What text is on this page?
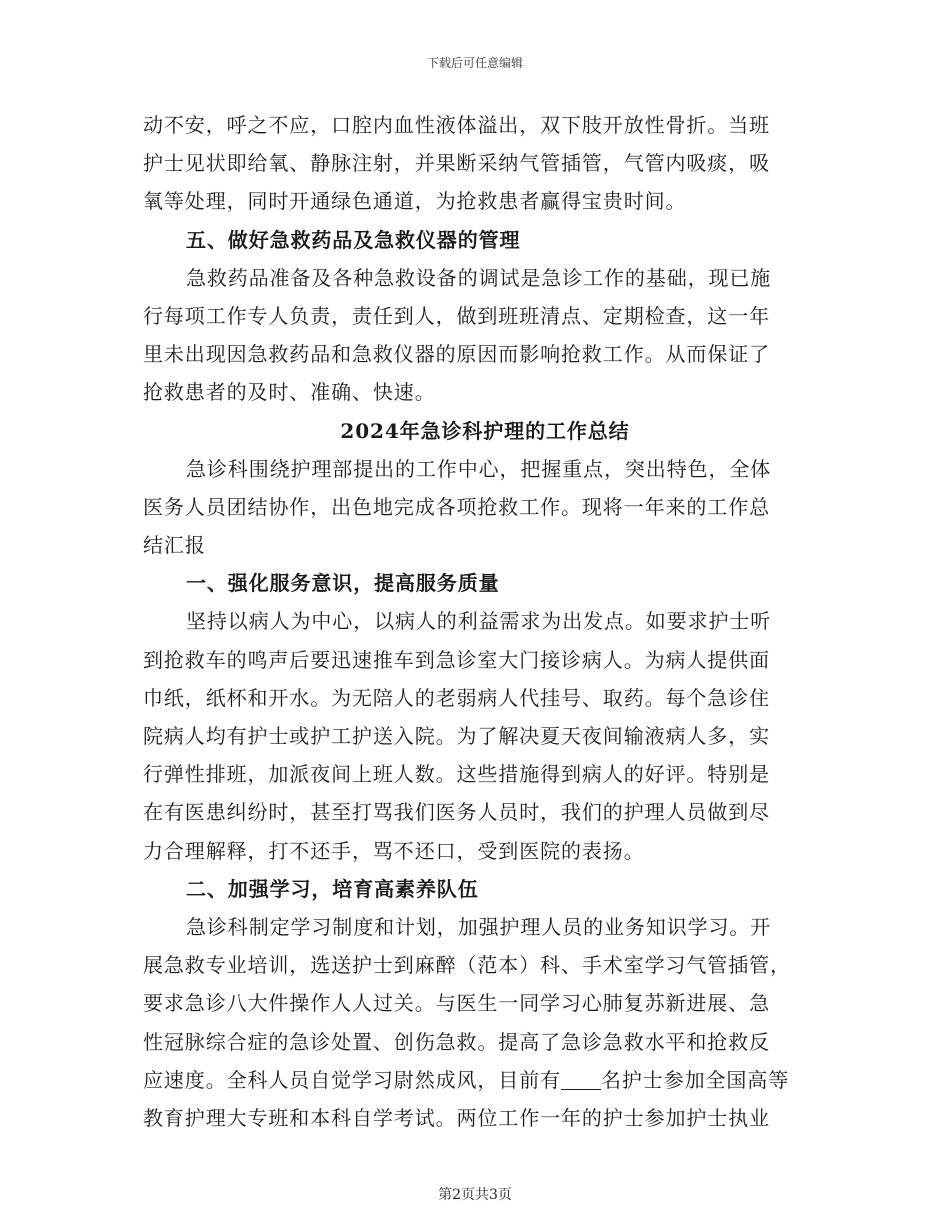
下载后可任意编辑
动不安，呼之不应，口腔内血性液体溢出，双下肢开放性骨折。当班
护士见状即给氧、静脉注射，并果断采纳气管插管，气管内吸痰，吸
氧等处理，同时开通绿色通道，为抢救患者赢得宝贵时间。
五、做好急救药品及急救仪器的管理
急救药品准备及各种急救设备的调试是急诊工作的基础，现已施
行每项工作专人负责，责任到人，做到班班清点、定期检查，这一年
里未出现因急救药品和急救仪器的原因而影响抢救工作。从而保证了
抢救患者的及时、准确、快速。
2024年急诊科护理的工作总结
急诊科围绕护理部提出的工作中心，把握重点，突出特色，全体
医务人员团结协作，出色地完成各项抢救工作。现将一年来的工作总
结汇报
一、强化服务意识，提高服务质量
坚持以病人为中心，以病人的利益需求为出发点。如要求护士听
到抢救车的鸣声后要迅速推车到急诊室大门接诊病人。为病人提供面
巾纸，纸杯和开水。为无陪人的老弱病人代挂号、取药。每个急诊住
院病人均有护士或护工护送入院。为了解决夏天夜间输液病人多，实
行弹性排班，加派夜间上班人数。这些措施得到病人的好评。特别是
在有医患纠纷时，甚至打骂我们医务人员时，我们的护理人员做到尽
力合理解释，打不还手，骂不还口，受到医院的表扬。
二、加强学习，培育高素养队伍
急诊科制定学习制度和计划，加强护理人员的业务知识学习。开
展急救专业培训，选送护士到麻醉（范本）科、手术室学习气管插管，
要求急诊八大件操作人人过关。与医生一同学习心肺复苏新进展、急
性冠脉综合症的急诊处置、创伤急救。提高了急诊急救水平和抢救反
应速度。全科人员自觉学习尉然成风，目前有 名护士参加全国高等
教育护理大专班和本科自学考试。两位工作一年的护士参加护士执业
第2页共3页
